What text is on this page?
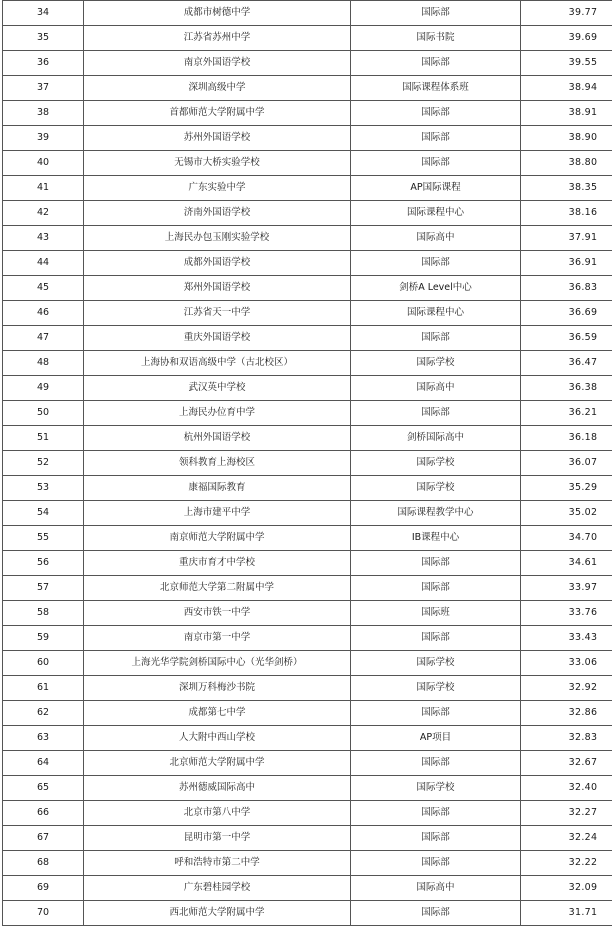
34	成都市树德中学	国际部	39.77
35	江苏省苏州中学	国际书院	39.69
36	南京外国语学校	国际部	39.55
37	深圳高级中学	国际课程体系班	38.94
38	首都师范大学附属中学	国际部	38.91
39	苏州外国语学校	国际部	38.90
40	无锡市大桥实验学校	国际部	38.80
41	广东实验中学	AP国际课程	38.35
42	济南外国语学校	国际课程中心	38.16
43	上海民办包玉刚实验学校	国际高中	37.91
44	成都外国语学校	国际部	36.91
45	郑州外国语学校	剑桥A Level中心	36.83
46	江苏省天一中学	国际课程中心	36.69
47	重庆外国语学校	国际部	36.59
48	上海协和双语高级中学（古北校区）	国际学校	36.47
49	武汉英中学校	国际高中	36.38
50	上海民办位育中学	国际部	36.21
51	杭州外国语学校	剑桥国际高中	36.18
52	领科教育上海校区	国际学校	36.07
53	康福国际教育	国际学校	35.29
54	上海市建平中学	国际课程教学中心	35.02
55	南京师范大学附属中学	IB课程中心	34.70
56	重庆市育才中学校	国际部	34.61
57	北京师范大学第二附属中学	国际部	33.97
58	西安市铁一中学	国际班	33.76
59	南京市第一中学	国际部	33.43
60	上海光华学院剑桥国际中心（光华剑桥）	国际学校	33.06
61	深圳万科梅沙书院	国际学校	32.92
62	成都第七中学	国际部	32.86
63	人大附中西山学校	AP项目	32.83
64	北京师范大学附属中学	国际部	32.67
65	苏州德威国际高中	国际学校	32.40
66	北京市第八中学	国际部	32.27
67	昆明市第一中学	国际部	32.24
68	呼和浩特市第二中学	国际部	32.22
69	广东碧桂园学校	国际高中	32.09
70	西北师范大学附属中学	国际部	31.71
